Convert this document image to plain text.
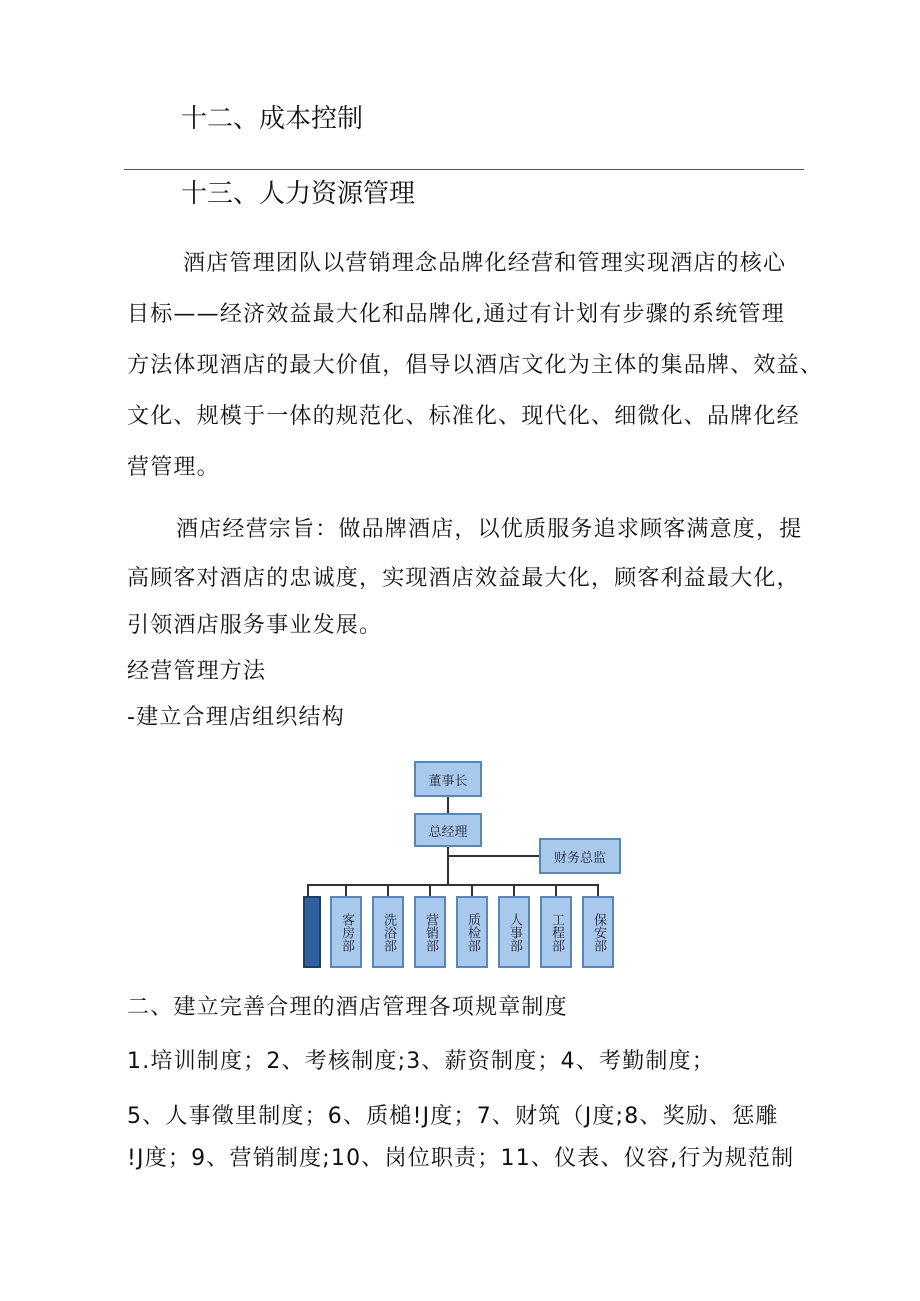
十二、成本控制
十三、人力资源管理
酒店管理团队以营销理念品牌化经营和管理实现酒店的核心
目标——经济效益最大化和品牌化,通过有计划有步骤的系统管理
方法体现酒店的最大价值，倡导以酒店文化为主体的集品牌、效益、
文化、规模于一体的规范化、标准化、现代化、细微化、品牌化经
营管理。
酒店经营宗旨：做品牌酒店，以优质服务追求顾客满意度，提
高顾客对酒店的忠诚度，实现酒店效益最大化，顾客利益最大化，
引领酒店服务事业发展。
经营管理方法
-建立合理店组织结构
董事长
总经理
财务总监
客房部	洗浴部	营销部	质检部	人事部	工程部	保安部
二、建立完善合理的酒店管理各项规章制度
1.培训制度；2、考核制度;3、薪资制度；4、考勤制度；
5、人事徵里制度；6、质槌!J度；7、财筑（J度;8、奖励、惩雕
!J度；9、营销制度;10、岗位职责；11、仪表、仪容,行为规范制
